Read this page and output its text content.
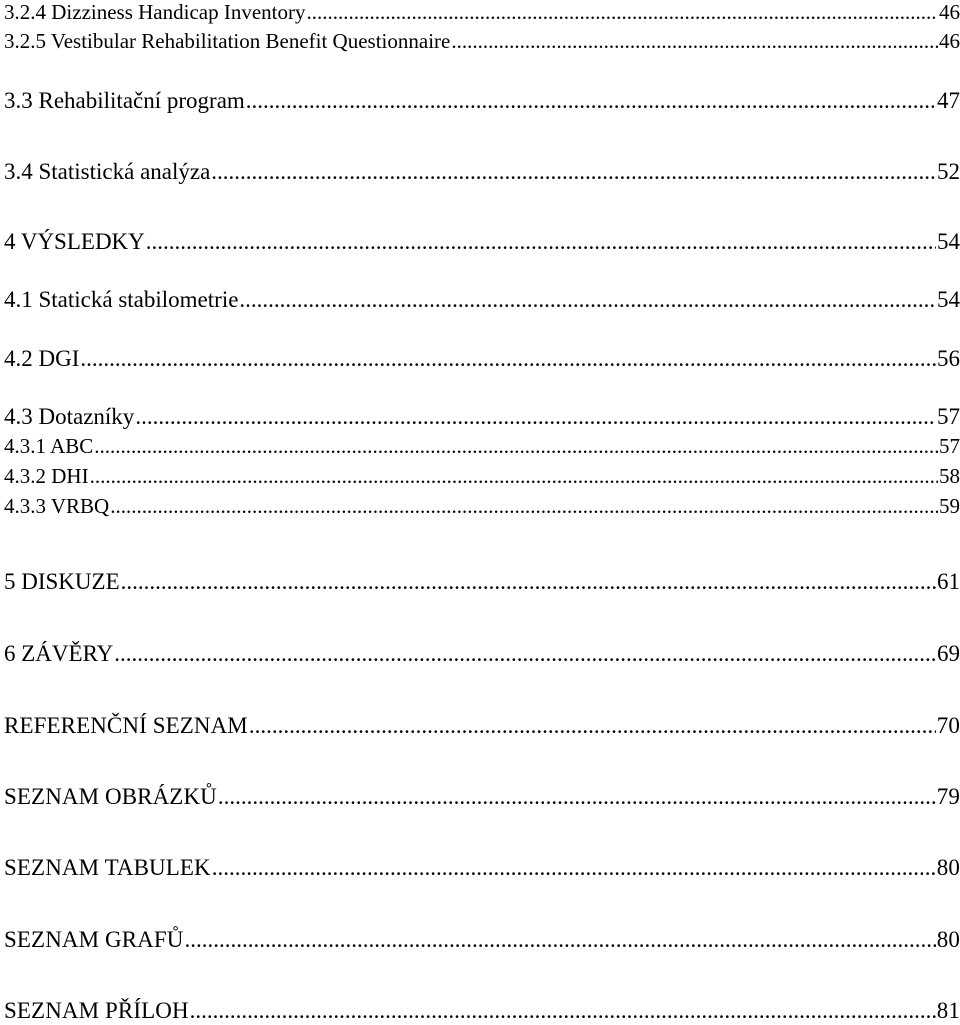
3.2.4 Dizziness Handicap Inventory .....	46
3.2.5 Vestibular Rehabilitation Benefit Questionnaire .....	46
3.3 Rehabilitační program .....	47
3.4 Statistická analýza .....	52
4 VÝSLEDKY .....	54
4.1 Statická stabilometrie .....	54
4.2 DGI .....	56
4.3 Dotazníky .....	57
4.3.1 ABC .....	57
4.3.2 DHI .....	58
4.3.3 VRBQ .....	59
5 DISKUZE .....	61
6 ZÁVĚRY .....	69
REFERENČNÍ SEZNAM .....	70
SEZNAM OBRÁZKŮ .....	79
SEZNAM TABULEK .....	80
SEZNAM GRAFŮ .....	80
SEZNAM PŘÍLOH .....	81
